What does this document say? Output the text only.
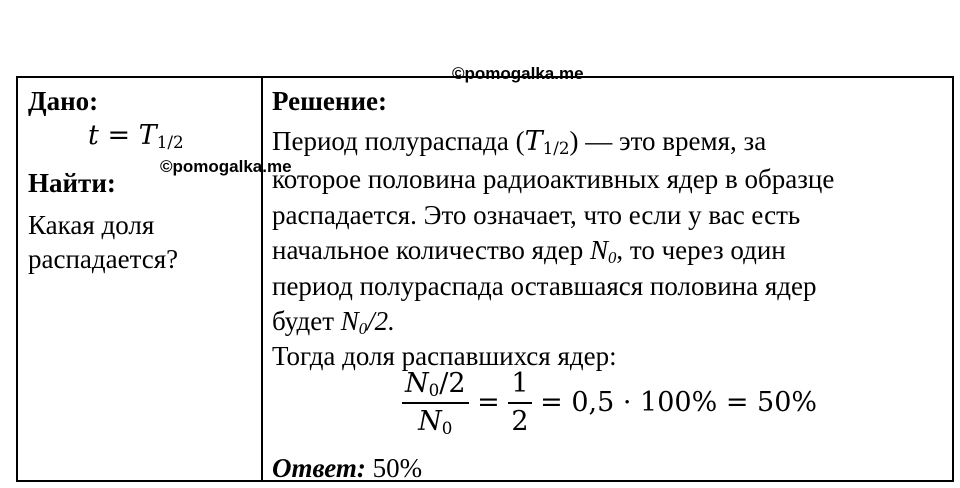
©pomogalka.me
Дано:
$t = T_{1/2}$
Найти:
Какая доля
распадается?
Решение:
Период полураспада $(T_{1/2})$ — это время, за
которое половина радиоактивных ядер в образце
распадается. Это означает, что если у вас есть
начальное количество ядер $N_0$, то через один
период полураспада оставшаяся половина ядер
будет $N_0/2$.
Тогда доля распавшихся ядер:
$\frac{N_0/2}{N_0} = \frac{1}{2} = 0,5 \cdot 100\% = 50\%$
Ответ: 50%
©pomogalka.me
